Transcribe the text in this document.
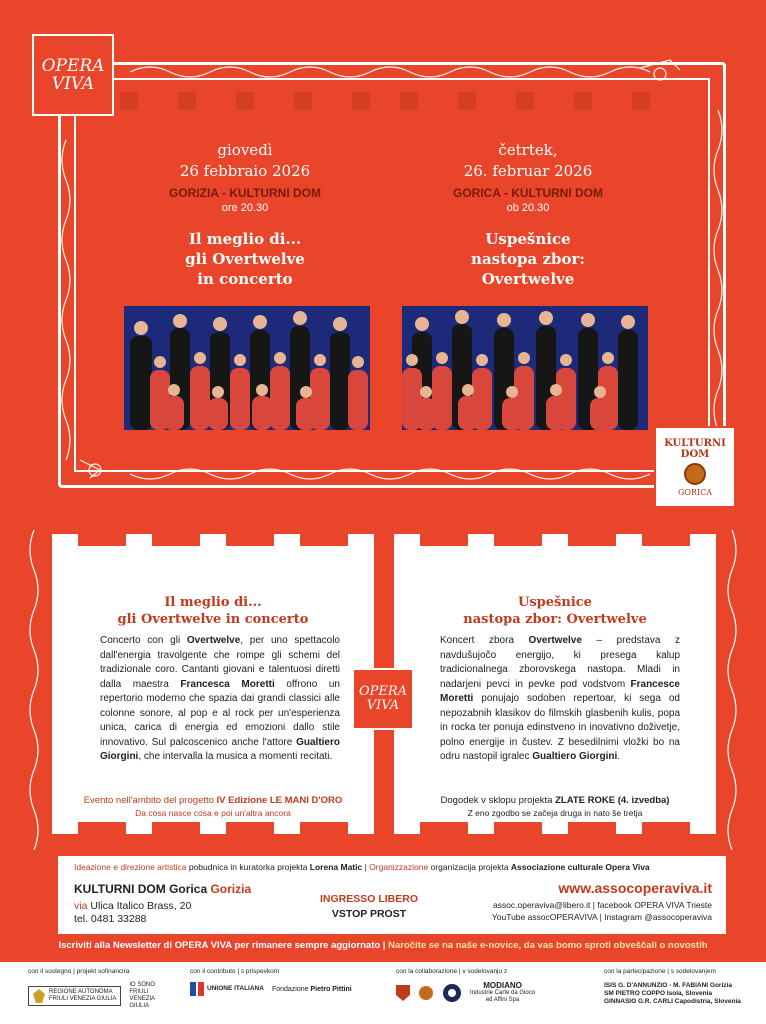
OPERA
VIVA
giovedì
26 febbraio 2026
GORIZIA - KULTURNI DOM
ore 20.30
Il meglio di...
gli Overtwelve
in concerto
četrtek,
26. februar 2026
GORICA - KULTURNI DOM
ob 20.30
Uspešnice
nastopa zbor:
Overtwelve
KULTURNI
DOM
GORICA
Il meglio di...
gli Overtwelve in concerto
Concerto con gli Overtwelve, per uno spettacolo dall'energia travolgente che rompe gli schemi del tradizionale coro. Cantanti giovani e talentuosi diretti dalla maestra Francesca Moretti offrono un repertorio moderno che spazia dai grandi classici alle colonne sonore, al pop e al rock per un'esperienza unica, carica di energia ed emozioni dallo stile innovativo. Sul palcoscenico anche l'attore Gualtiero Giorgini, che intervalla la musica a momenti recitati.
Evento nell'ambito del progetto IV Edizione LE MANI D'ORO
Da cosa nasce cosa e poi un'altra ancora
Uspešnice
nastopa zbor: Overtwelve
Koncert zbora Overtwelve – predstava z navdušujočo energijo, ki presega kalup tradicionalnega zborovskega nastopa. Mladi in nadarjeni pevci in pevke pod vodstvom Francesce Moretti ponujajo sodoben repertoar, ki sega od nepozabnih klasikov do filmskih glasbenih kulis, popa in rocka ter ponuja edinstveno in inovativno doživetje, polno energije in čustev. Z besedilnimi vložki bo na odru nastopil igralec Gualtiero Giorgini.
Dogodek v sklopu projekta ZLATE ROKE (4. izvedba)
Z eno zgodbo se začeja druga in nato še tretja
OPERA
VIVA
Ideazione e direzione artistica pobudnica in kuratorka projekta Lorena Matic | Organizzazione organizacija projekta Associazione culturale Opera Viva
KULTURNI DOM Gorica Gorizia
via Ulica Italico Brass, 20
tel. 0481 33288
INGRESSO LIBERO
VSTOP PROST
www.assocoperaviva.it
assoc.operaviva@libero.it | facebook OPERA VIVA Trieste
YouTube assocOPERAVIVA | Instagram @assocoperaviva
Iscriviti alla Newsletter di OPERA VIVA per rimanere sempre aggiornato | Naročite se na naše e-novice, da vas bomo sproti obveščali o novostih
con il sostegno | projekt sofinancira
REGIONE AUTONOMA
FRIULI VENEZIA GIULIA
IO SONO FRIULI VENEZIA GIULIA
con il contributo | s prispevkom
UNIONE ITALIANA Fondazione Pietro Pittini
con la collaborazione | v sodelovanju z
MODIANO
Industrie Carte da Gioco
ed Affini Spa
con la partecipazione | s sodelovanjem
ISIS G. D'ANNUNZIO - M. FABIANI Gorizia
SM PIETRO COPPO Isola, Slovenia
GINNASIO G.R. CARLI Capodistria, Slovenia
